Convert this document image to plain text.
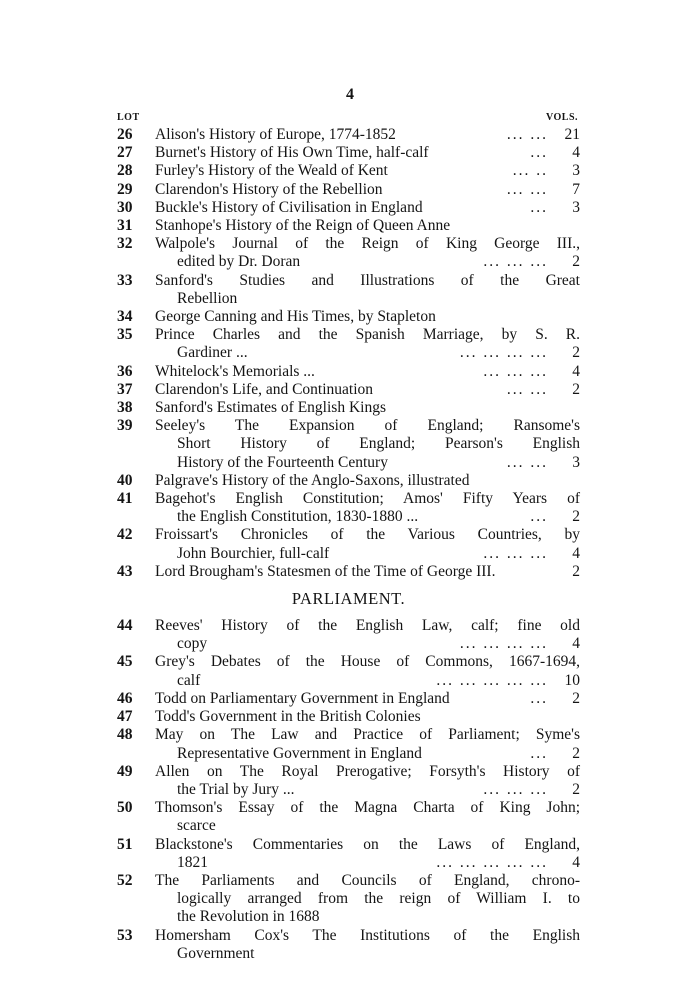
4
LOT	VOLS.
26	Alison's History of Europe, 1774-1852	... ...	21
27	Burnet's History of His Own Time, half-calf	...	4
28	Furley's History of the Weald of Kent	... ..	3
29	Clarendon's History of the Rebellion	... ...	7
30	Buckle's History of Civilisation in England	...	3
31	Stanhope's History of the Reign of Queen Anne
32	Walpole's Journal of the Reign of King George III.,
edited by Dr. Doran	... ... ...	2
33	Sanford's Studies and Illustrations of the Great
Rebellion
34	George Canning and His Times, by Stapleton
35	Prince Charles and the Spanish Marriage, by S. R.
Gardiner ...	... ... ... ...	2
36	Whitelock's Memorials ...	... ... ...	4
37	Clarendon's Life, and Continuation	... ...	2
38	Sanford's Estimates of English Kings
39	Seeley's The Expansion of England; Ransome's
Short History of England; Pearson's English
History of the Fourteenth Century	... ...	3
40	Palgrave's History of the Anglo-Saxons, illustrated
41	Bagehot's English Constitution; Amos' Fifty Years of
the English Constitution, 1830-1880 ...	...	2
42	Froissart's Chronicles of the Various Countries, by
John Bourchier, full-calf	... ... ...	4
43	Lord Brougham's Statesmen of the Time of George III.	2
PARLIAMENT.
44	Reeves' History of the English Law, calf; fine old
copy	... ... ... ...	4
45	Grey's Debates of the House of Commons, 1667-1694,
calf	... ... ... ... ...	10
46	Todd on Parliamentary Government in England	...	2
47	Todd's Government in the British Colonies
48	May on The Law and Practice of Parliament; Syme's
Representative Government in England	...	2
49	Allen on The Royal Prerogative; Forsyth's History of
the Trial by Jury ...	... ... ...	2
50	Thomson's Essay of the Magna Charta of King John;
scarce
51	Blackstone's Commentaries on the Laws of England,
1821	... ... ... ... ...	4
52	The Parliaments and Councils of England, chrono-
logically arranged from the reign of William I. to
the Revolution in 1688
53	Homersham Cox's The Institutions of the English
Government
